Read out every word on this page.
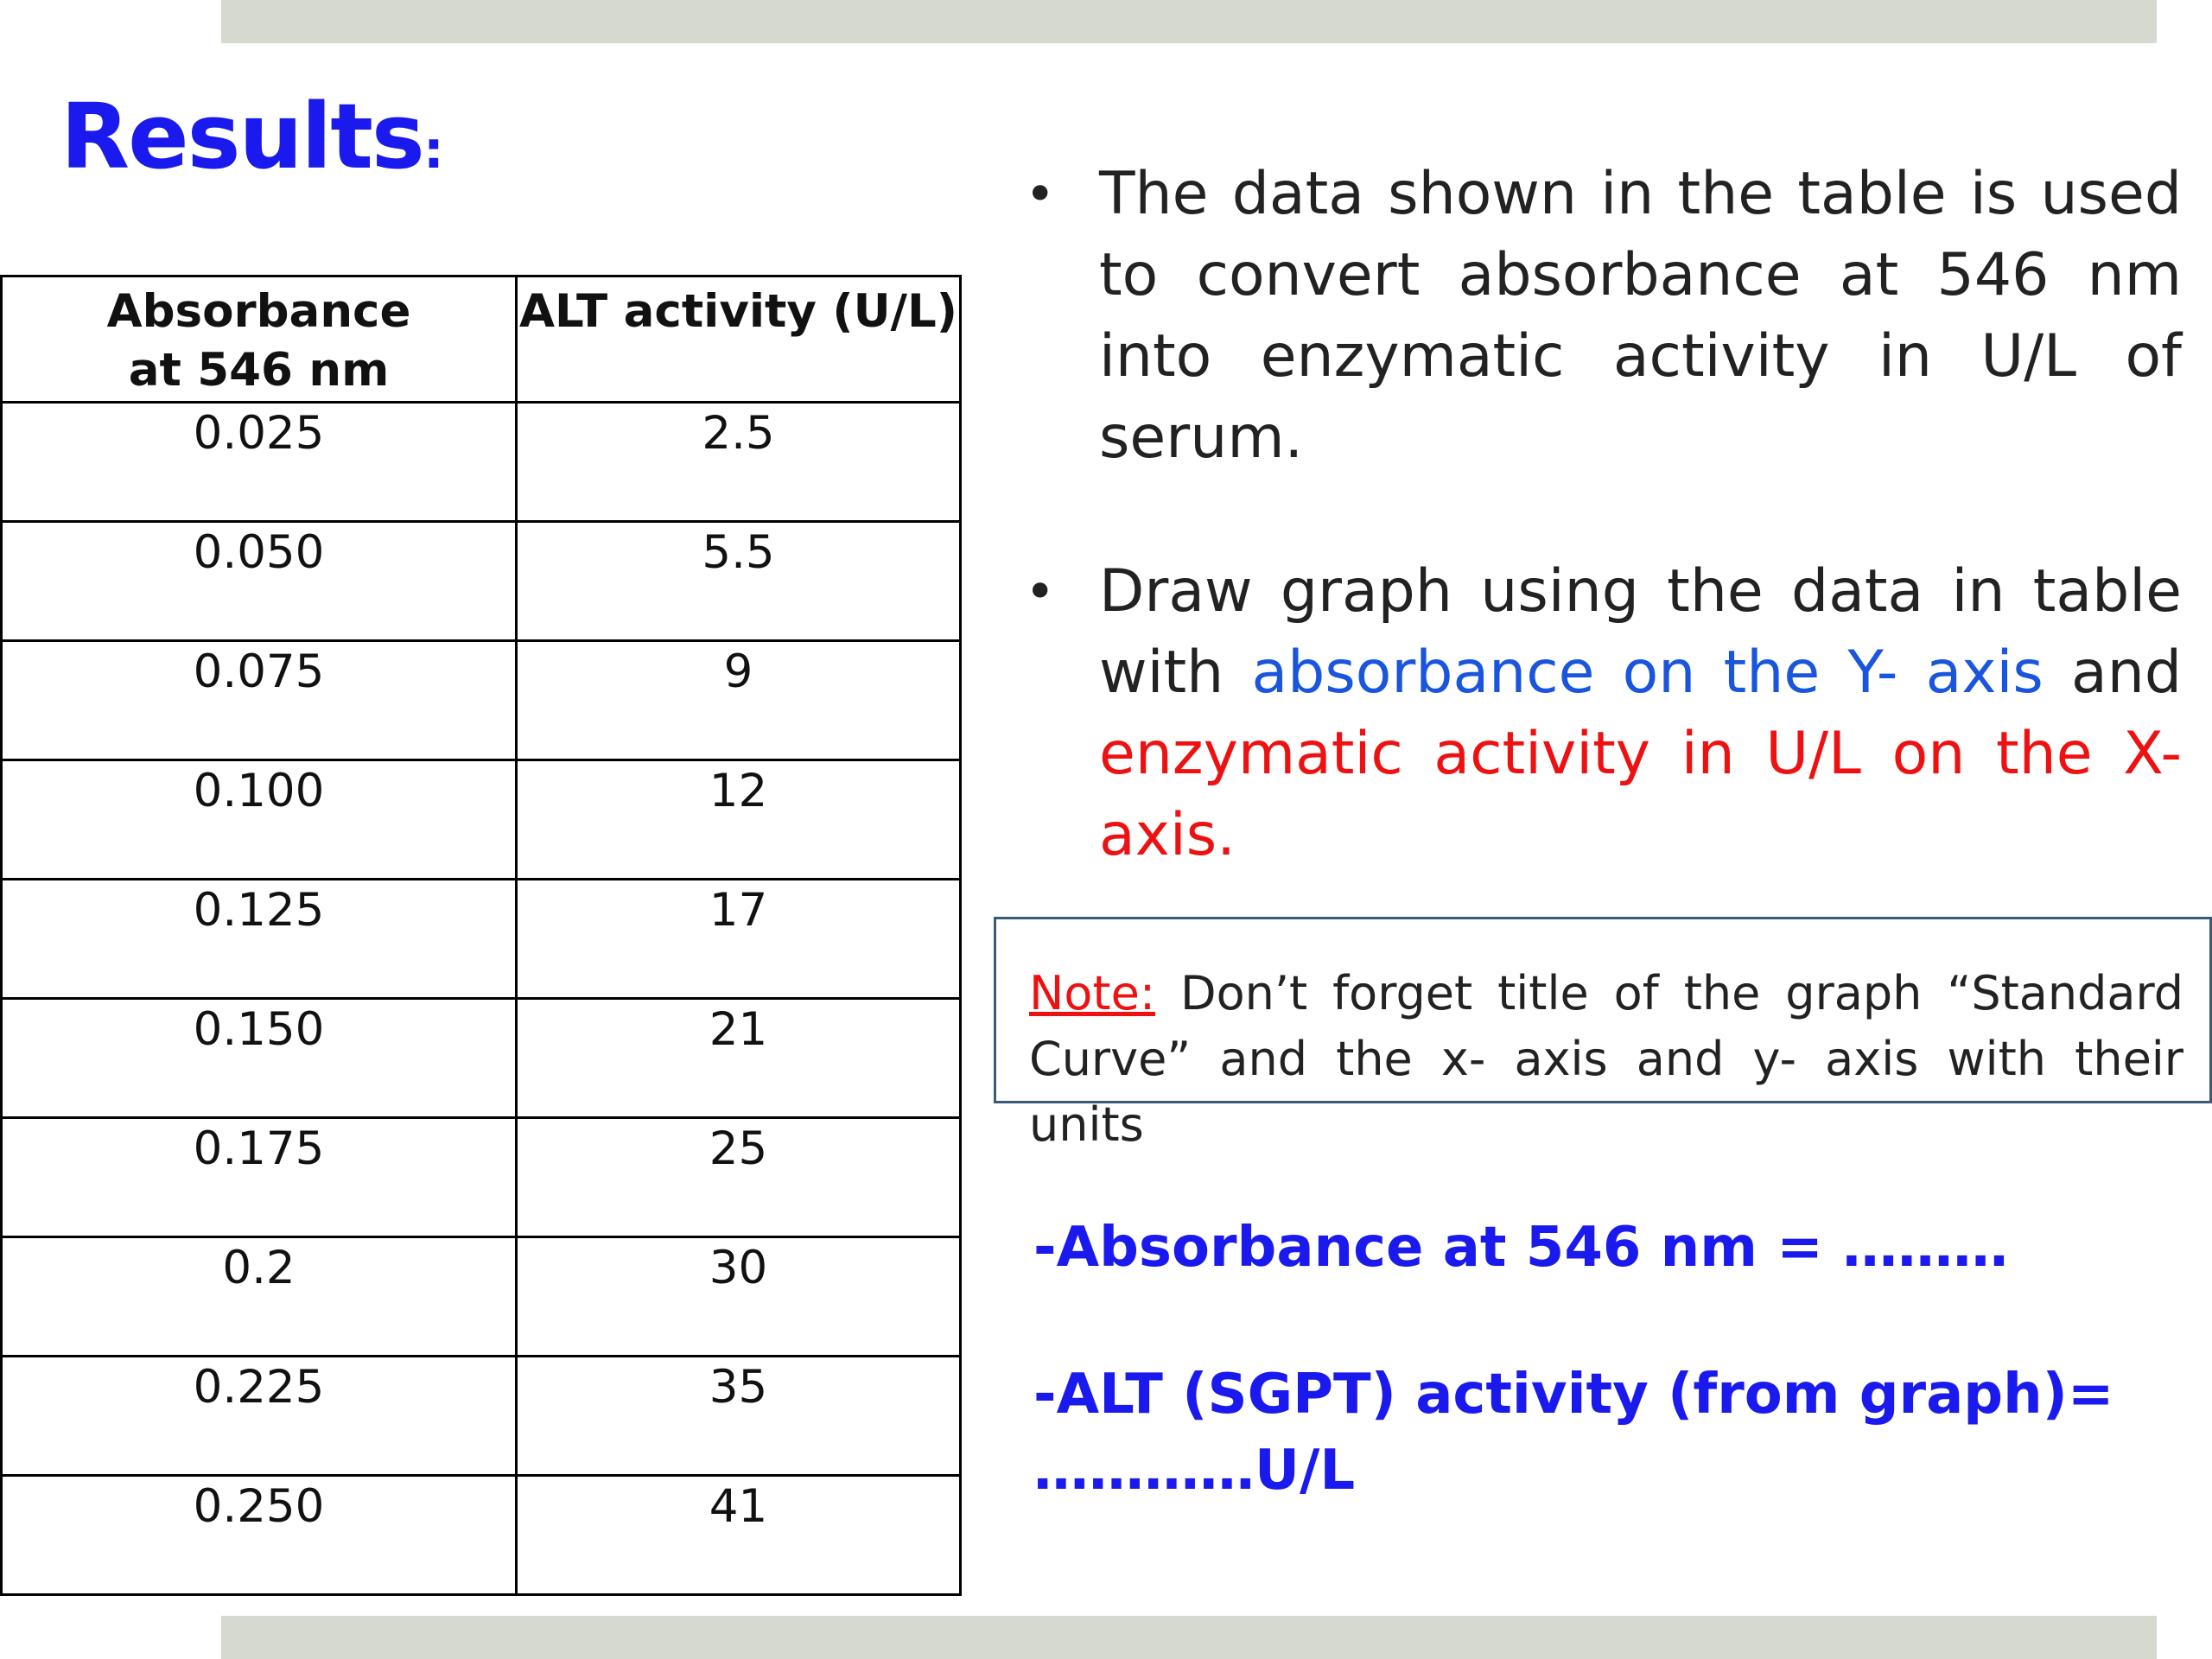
Results:
Absorbance
at 546 nm	ALT activity (U/L)
0.025	2.5
0.050	5.5
0.075	9
0.100	12
0.125	17
0.150	21
0.175	25
0.2	30
0.225	35
0.250	41
• The data shown in the table is used to convert absorbance at 546 nm into enzymatic activity in U/L of serum.
• Draw graph using the data in table with absorbance on the Y- axis and enzymatic activity in U/L on the X- axis.
Note: Don’t forget title of the graph “Standard Curve” and the x- axis and y- axis with their units

-Absorbance at 546 nm = ………

-ALT (SGPT) activity (from graph)= …………U/L
